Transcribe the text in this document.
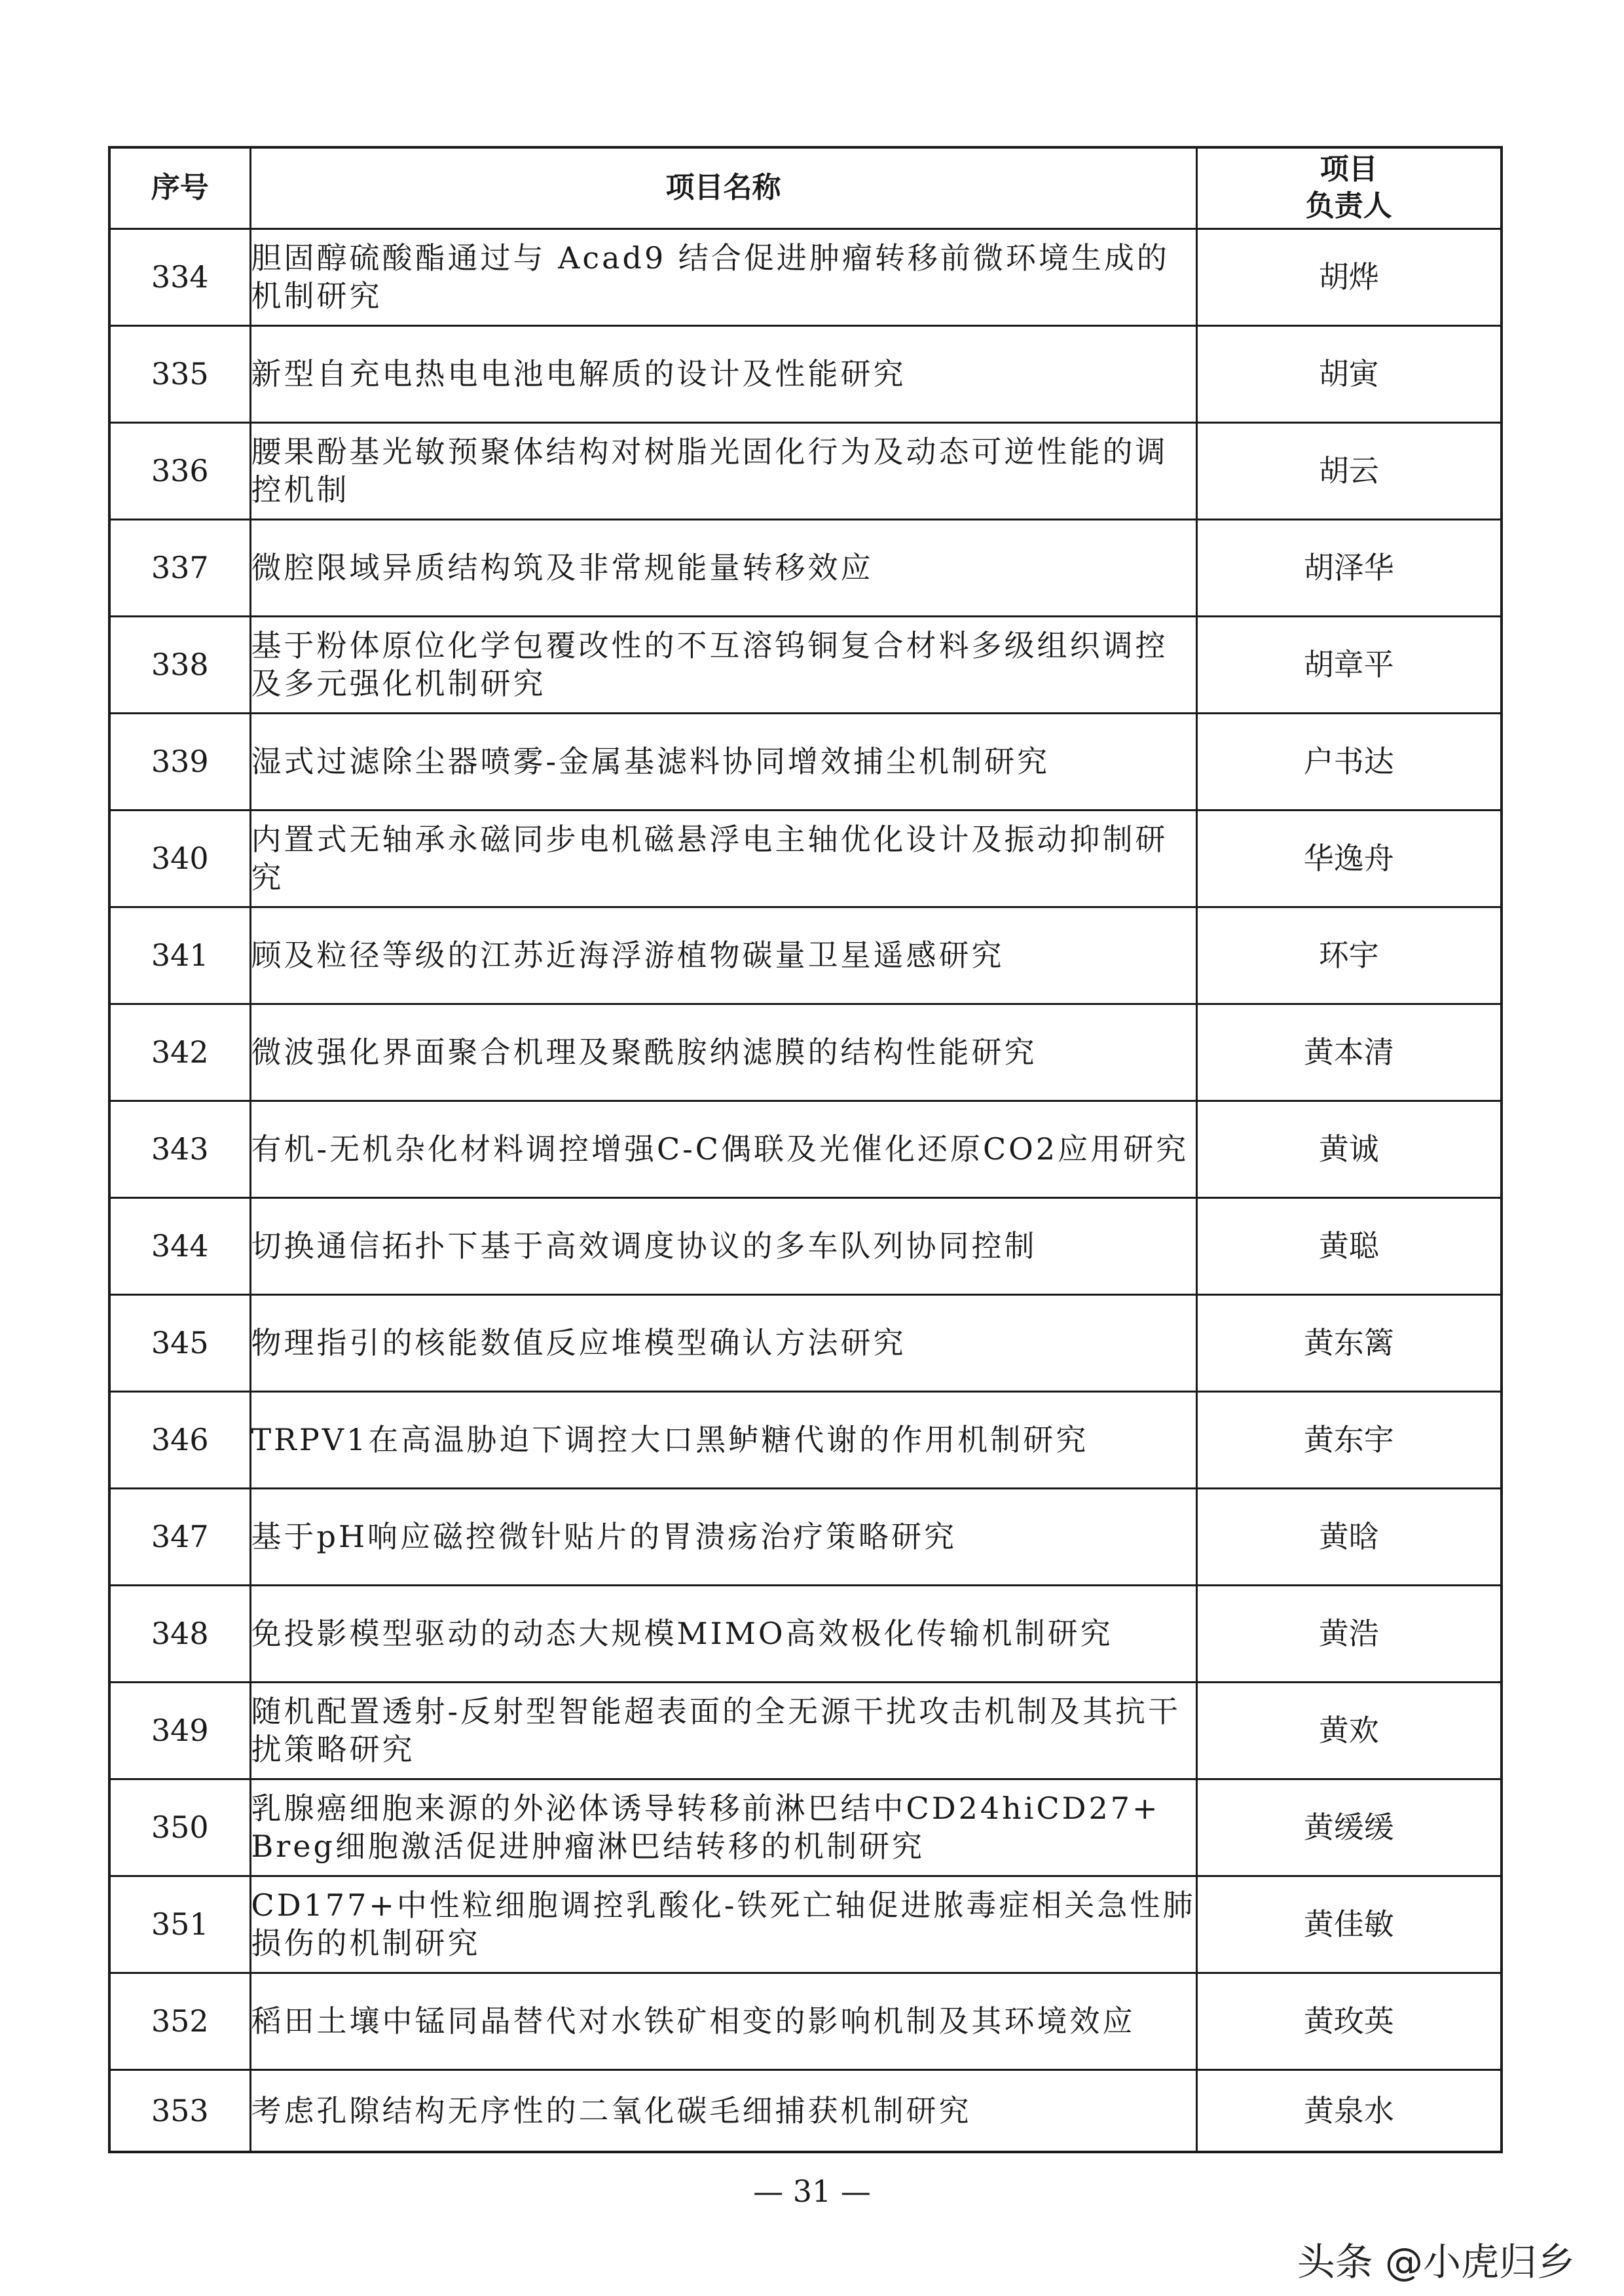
序号	项目名称	项目
负责人

334	胆固醇硫酸酯通过与 Acad9 结合促进肿瘤转移前微环境生成的机制研究	胡烨
335	新型自充电热电电池电解质的设计及性能研究	胡寅
336	腰果酚基光敏预聚体结构对树脂光固化行为及动态可逆性能的调控机制	胡云
337	微腔限域异质结构筑及非常规能量转移效应	胡泽华
338	基于粉体原位化学包覆改性的不互溶钨铜复合材料多级组织调控及多元强化机制研究	胡章平
339	湿式过滤除尘器喷雾-金属基滤料协同增效捕尘机制研究	户书达
340	内置式无轴承永磁同步电机磁悬浮电主轴优化设计及振动抑制研究	华逸舟
341	顾及粒径等级的江苏近海浮游植物碳量卫星遥感研究	环宇
342	微波强化界面聚合机理及聚酰胺纳滤膜的结构性能研究	黄本清
343	有机-无机杂化材料调控增强C-C偶联及光催化还原CO2应用研究	黄诚
344	切换通信拓扑下基于高效调度协议的多车队列协同控制	黄聪
345	物理指引的核能数值反应堆模型确认方法研究	黄东篱
346	TRPV1在高温胁迫下调控大口黑鲈糖代谢的作用机制研究	黄东宇
347	基于pH响应磁控微针贴片的胃溃疡治疗策略研究	黄晗
348	免投影模型驱动的动态大规模MIMO高效极化传输机制研究	黄浩
349	随机配置透射-反射型智能超表面的全无源干扰攻击机制及其抗干扰策略研究	黄欢
350	乳腺癌细胞来源的外泌体诱导转移前淋巴结中CD24hiCD27+ Breg细胞激活促进肿瘤淋巴结转移的机制研究	黄缓缓
351	CD177+中性粒细胞调控乳酸化-铁死亡轴促进脓毒症相关急性肺损伤的机制研究	黄佳敏
352	稻田土壤中锰同晶替代对水铁矿相变的影响机制及其环境效应	黄玫英
353	考虑孔隙结构无序性的二氧化碳毛细捕获机制研究	黄泉水
— 31 —
头条 @小虎归乡
